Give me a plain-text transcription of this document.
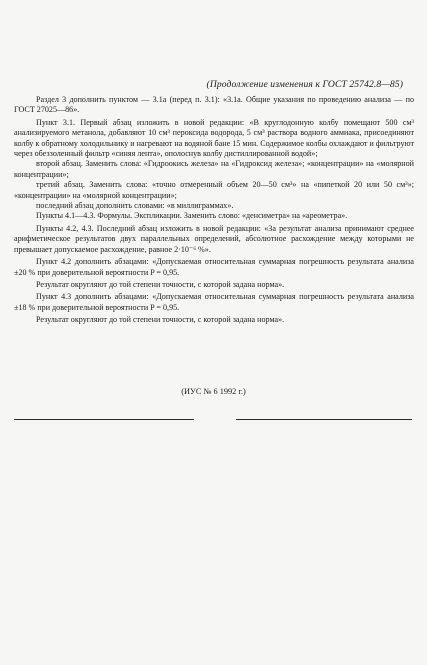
(Продолжение изменения к ГОСТ 25742.8—85)

Раздел 3 дополнить пунктом — 3.1а (перед п. 3.1): «3.1а. Общие указания по проведению анализа — по ГОСТ 27025—86».

Пункт 3.1. Первый абзац изложить в новой редакции: «В круглодонную колбу помещают 500 см³ анализируемого метанола, добавляют 10 см³ пероксида водорода, 5 см³ раствора водного аммиака, присоединяют колбу к обратному холодильнику и нагревают на водяной бане 15 мин. Содержимое колбы охлаждают и фильтруют через обеззоленный фильтр «синяя лента», ополоснув колбу дистиллированной водой»;

второй абзац. Заменить слова: «Гидроокись железа» на «Гидроксид железа»; «концентрации» на «молярной концентрации»;

третий абзац. Заменить слова: «точно отмеренный объем 20—50 см³» на «пипеткой 20 или 50 см³»; «концентрации» на «молярной концентрации»;

последний абзац дополнить словами: «в миллиграммах».

Пункты 4.1—4.3. Формулы. Экспликации. Заменить слово: «денсиметра» на «ареометра».

Пункты 4.2, 4.3. Последний абзац изложить в новой редакции: «За результат анализа принимают среднее арифметическое результатов двух параллельных определений, абсолютное расхождение между которыми не превышает допускаемое расхождение, равное 2·10⁻⁶ %».

Пункт 4.2 дополнить абзацами: «Допускаемая относительная суммарная погрешность результата анализа ±20 % при доверительной вероятности P = 0,95.

Результат округляют до той степени точности, с которой задана норма».

Пункт 4.3 дополнить абзацами: «Допускаемая относительная суммарная погрешность результата анализа ±18 % при доверительной вероятности P = 0,95.

Результат округляют до той степени точности, с которой задана норма».

(ИУС № 6 1992 г.)
